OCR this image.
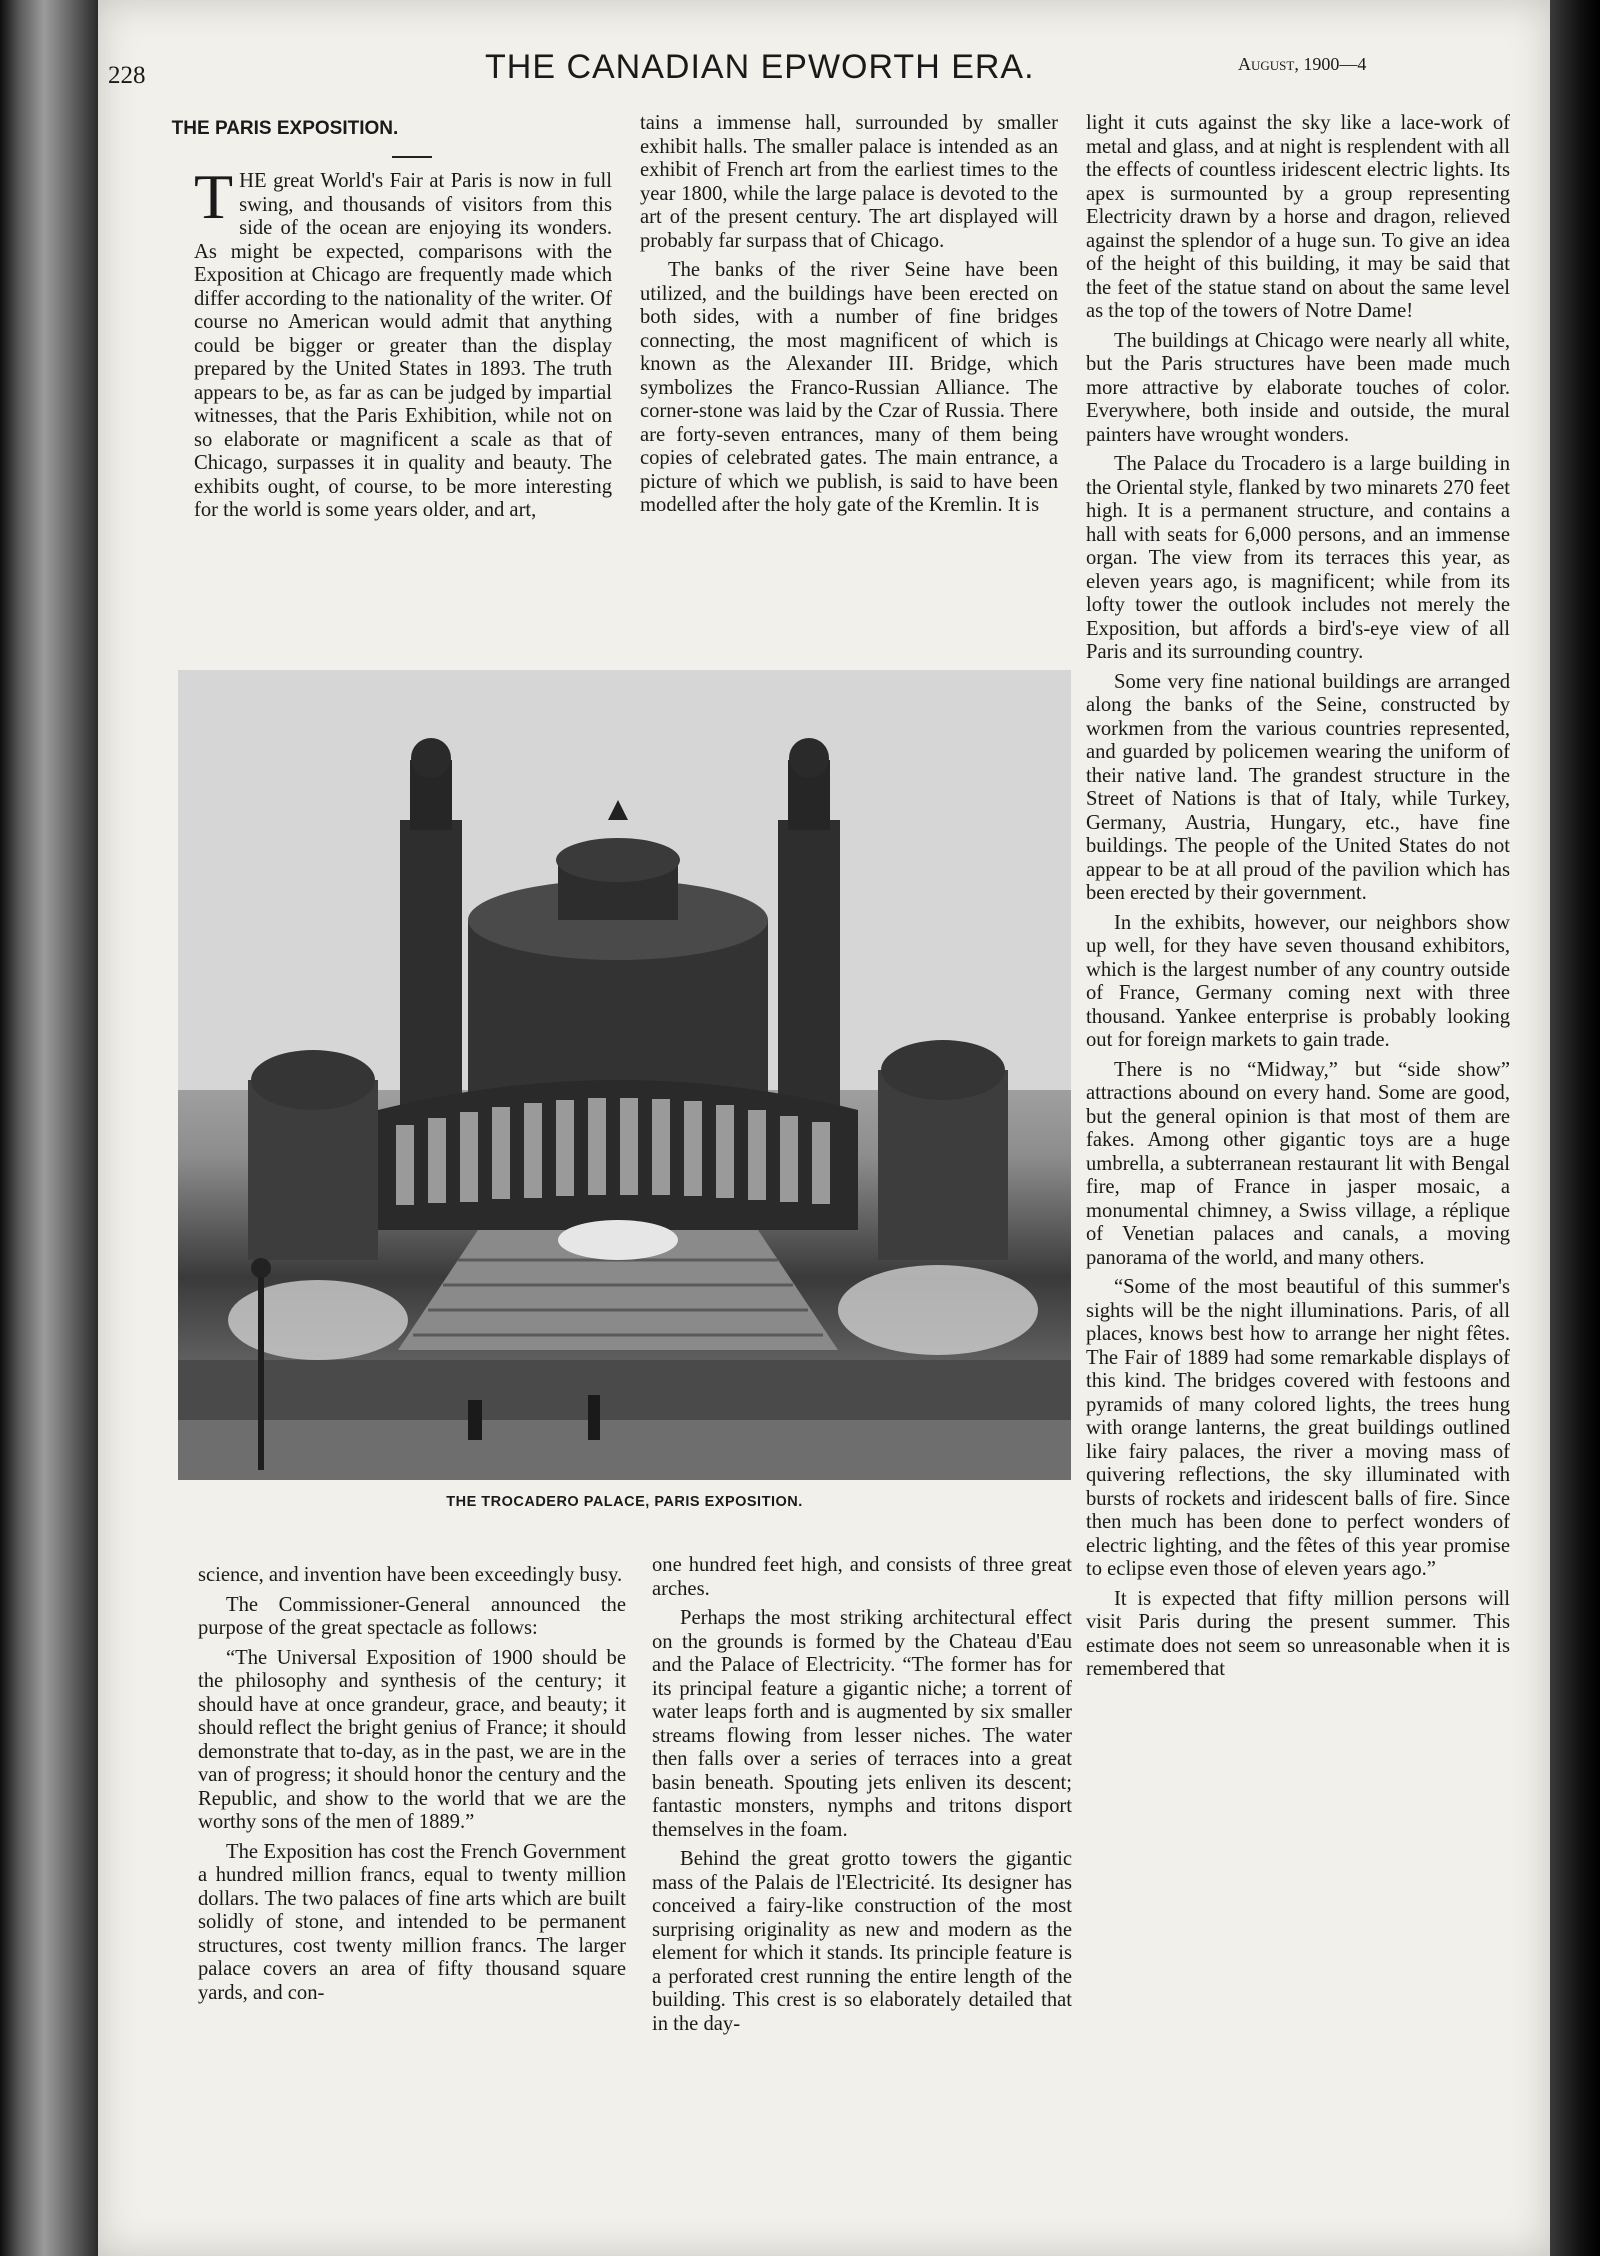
228	THE CANADIAN EPWORTH ERA.	August, 1900—4
THE PARIS EXPOSITION.

THE great World's Fair at Paris is now in full swing, and thousands of visitors from this side of the ocean are enjoying its wonders. As might be expected, comparisons with the Exposition at Chicago are frequently made which differ according to the nationality of the writer. Of course no American would admit that anything could be bigger or greater than the display prepared by the United States in 1893. The truth appears to be, as far as can be judged by impartial witnesses, that the Paris Exhibition, while not on so elaborate or magnificent a scale as that of Chicago, surpasses it in quality and beauty. The exhibits ought, of course, to be more interesting for the world is some years older, and art,

tains a immense hall, surrounded by smaller exhibit halls. The smaller palace is intended as an exhibit of French art from the earliest times to the year 1800, while the large palace is devoted to the art of the present century. The art displayed will probably far surpass that of Chicago.

The banks of the river Seine have been utilized, and the buildings have been erected on both sides, with a number of fine bridges connecting, the most magnificent of which is known as the Alexander III. Bridge, which symbolizes the Franco-Russian Alliance. The corner-stone was laid by the Czar of Russia. There are forty-seven entrances, many of them being copies of celebrated gates. The main entrance, a picture of which we publish, is said to have been modelled after the holy gate of the Kremlin. It is

light it cuts against the sky like a lace-work of metal and glass, and at night is resplendent with all the effects of countless iridescent electric lights. Its apex is surmounted by a group representing Electricity drawn by a horse and dragon, relieved against the splendor of a huge sun. To give an idea of the height of this building, it may be said that the feet of the statue stand on about the same level as the top of the towers of Notre Dame!

The buildings at Chicago were nearly all white, but the Paris structures have been made much more attractive by elaborate touches of color. Everywhere, both inside and outside, the mural painters have wrought wonders.

The Palace du Trocadero is a large building in the Oriental style, flanked by two minarets 270 feet high. It is a permanent structure, and contains a hall with seats for 6,000 persons, and an immense organ. The view from its terraces this year, as eleven years ago, is magnificent; while from its lofty tower the outlook includes not merely the Exposition, but affords a bird's-eye view of all Paris and its surrounding country.

Some very fine national buildings are arranged along the banks of the Seine, constructed by workmen from the various countries represented, and guarded by policemen wearing the uniform of their native land. The grandest structure in the Street of Nations is that of Italy, while Turkey, Germany, Austria, Hungary, etc., have fine buildings. The people of the United States do not appear to be at all proud of the pavilion which has been erected by their government.

In the exhibits, however, our neighbors show up well, for they have seven thousand exhibitors, which is the largest number of any country outside of France, Germany coming next with three thousand. Yankee enterprise is probably looking out for foreign markets to gain trade.

There is no “Midway,” but “side show” attractions abound on every hand. Some are good, but the general opinion is that most of them are fakes. Among other gigantic toys are a huge umbrella, a subterranean restaurant lit with Bengal fire, map of France in jasper mosaic, a monumental chimney, a Swiss village, a réplique of Venetian palaces and canals, a moving panorama of the world, and many others.

“Some of the most beautiful of this summer's sights will be the night illuminations. Paris, of all places, knows best how to arrange her night fêtes. The Fair of 1889 had some remarkable displays of this kind. The bridges covered with festoons and pyramids of many colored lights, the trees hung with orange lanterns, the great buildings outlined like fairy palaces, the river a moving mass of quivering reflections, the sky illuminated with bursts of rockets and iridescent balls of fire. Since then much has been done to perfect wonders of electric lighting, and the fêtes of this year promise to eclipse even those of eleven years ago.”

It is expected that fifty million persons will visit Paris during the present summer. This estimate does not seem so unreasonable when it is remembered that

THE TROCADERO PALACE, PARIS EXPOSITION.

science, and invention have been exceedingly busy.

The Commissioner-General announced the purpose of the great spectacle as follows:

“The Universal Exposition of 1900 should be the philosophy and synthesis of the century; it should have at once grandeur, grace, and beauty; it should reflect the bright genius of France; it should demonstrate that to-day, as in the past, we are in the van of progress; it should honor the century and the Republic, and show to the world that we are the worthy sons of the men of 1889.”

The Exposition has cost the French Government a hundred million francs, equal to twenty million dollars. The two palaces of fine arts which are built solidly of stone, and intended to be permanent structures, cost twenty million francs. The larger palace covers an area of fifty thousand square yards, and con-

one hundred feet high, and consists of three great arches.

Perhaps the most striking architectural effect on the grounds is formed by the Chateau d'Eau and the Palace of Electricity. “The former has for its principal feature a gigantic niche; a torrent of water leaps forth and is augmented by six smaller streams flowing from lesser niches. The water then falls over a series of terraces into a great basin beneath. Spouting jets enliven its descent; fantastic monsters, nymphs and tritons disport themselves in the foam.

Behind the great grotto towers the gigantic mass of the Palais de l'Electricité. Its designer has conceived a fairy-like construction of the most surprising originality as new and modern as the element for which it stands. Its principle feature is a perforated crest running the entire length of the building. This crest is so elaborately detailed that in the day-
